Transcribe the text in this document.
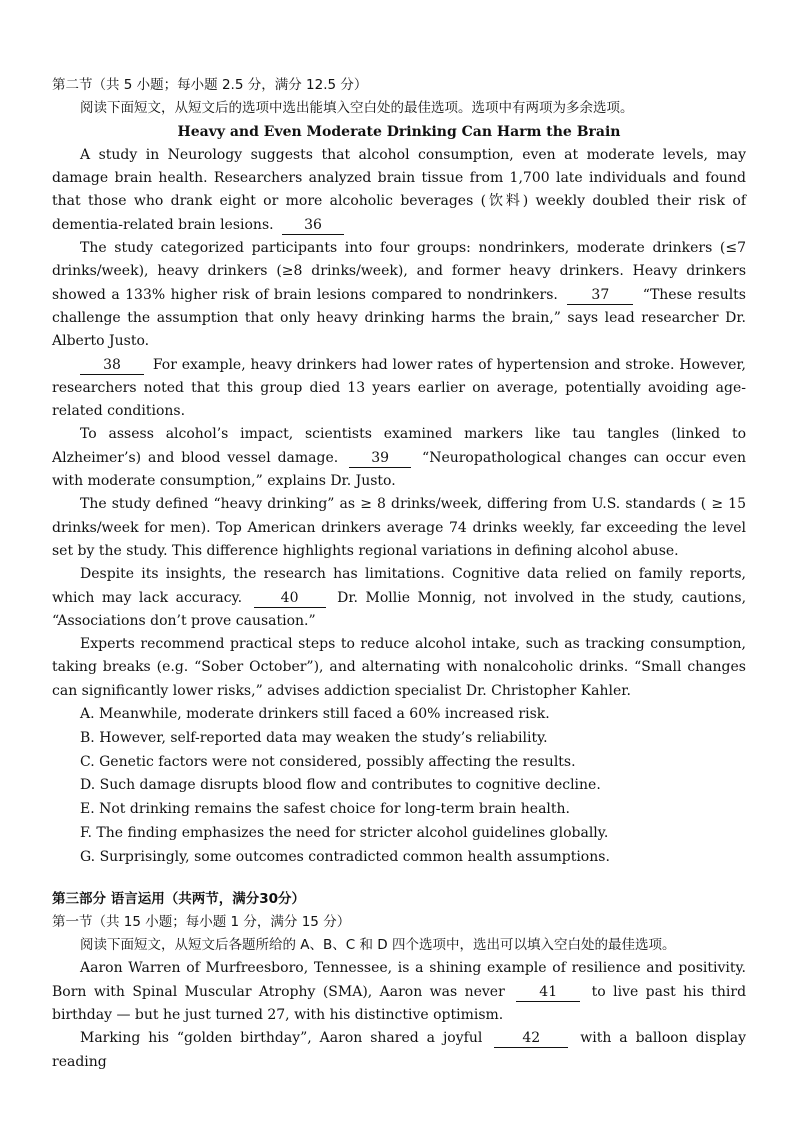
第二节（共 5 小题；每小题 2.5 分，满分 12.5 分）
阅读下面短文，从短文后的选项中选出能填入空白处的最佳选项。选项中有两项为多余选项。
Heavy and Even Moderate Drinking Can Harm the Brain
A study in Neurology suggests that alcohol consumption, even at moderate levels, may damage brain health. Researchers analyzed brain tissue from 1,700 late individuals and found that those who drank eight or more alcoholic beverages (饮料) weekly doubled their risk of dementia-related brain lesions. 36
The study categorized participants into four groups: nondrinkers, moderate drinkers (≤7 drinks/week), heavy drinkers (≥8 drinks/week), and former heavy drinkers. Heavy drinkers showed a 133% higher risk of brain lesions compared to nondrinkers. 37 “These results challenge the assumption that only heavy drinking harms the brain,” says lead researcher Dr. Alberto Justo.
38 For example, heavy drinkers had lower rates of hypertension and stroke. However, researchers noted that this group died 13 years earlier on average, potentially avoiding age-related conditions.
To assess alcohol’s impact, scientists examined markers like tau tangles (linked to Alzheimer’s) and blood vessel damage. 39 “Neuropathological changes can occur even with moderate consumption,” explains Dr. Justo.
The study defined “heavy drinking” as ≥ 8 drinks/week, differing from U.S. standards ( ≥ 15 drinks/week for men). Top American drinkers average 74 drinks weekly, far exceeding the level set by the study. This difference highlights regional variations in defining alcohol abuse.
Despite its insights, the research has limitations. Cognitive data relied on family reports, which may lack accuracy.	40	Dr. Mollie Monnig, not involved in the study, cautions, “Associations don’t prove causation.”
Experts recommend practical steps to reduce alcohol intake, such as tracking consumption, taking breaks (e.g. “Sober October”), and alternating with nonalcoholic drinks. “Small changes can significantly lower risks,” advises addiction specialist Dr. Christopher Kahler.
A. Meanwhile, moderate drinkers still faced a 60% increased risk.
B. However, self-reported data may weaken the study’s reliability.
C. Genetic factors were not considered, possibly affecting the results.
D. Such damage disrupts blood flow and contributes to cognitive decline.
E. Not drinking remains the safest choice for long-term brain health.
F. The finding emphasizes the need for stricter alcohol guidelines globally.
G. Surprisingly, some outcomes contradicted common health assumptions.
第三部分 语言运用（共两节，满分30分）
第一节（共 15 小题；每小题 1 分，满分 15 分）
阅读下面短文，从短文后各题所给的 A、B、C 和 D 四个选项中，选出可以填入空白处的最佳选项。
Aaron Warren of Murfreesboro, Tennessee, is a shining example of resilience and positivity. Born with Spinal Muscular Atrophy (SMA), Aaron was never 41 to live past his third birthday — but he just turned 27, with his distinctive optimism.
Marking his “golden birthday”, Aaron shared a joyful	42	with a balloon display reading
